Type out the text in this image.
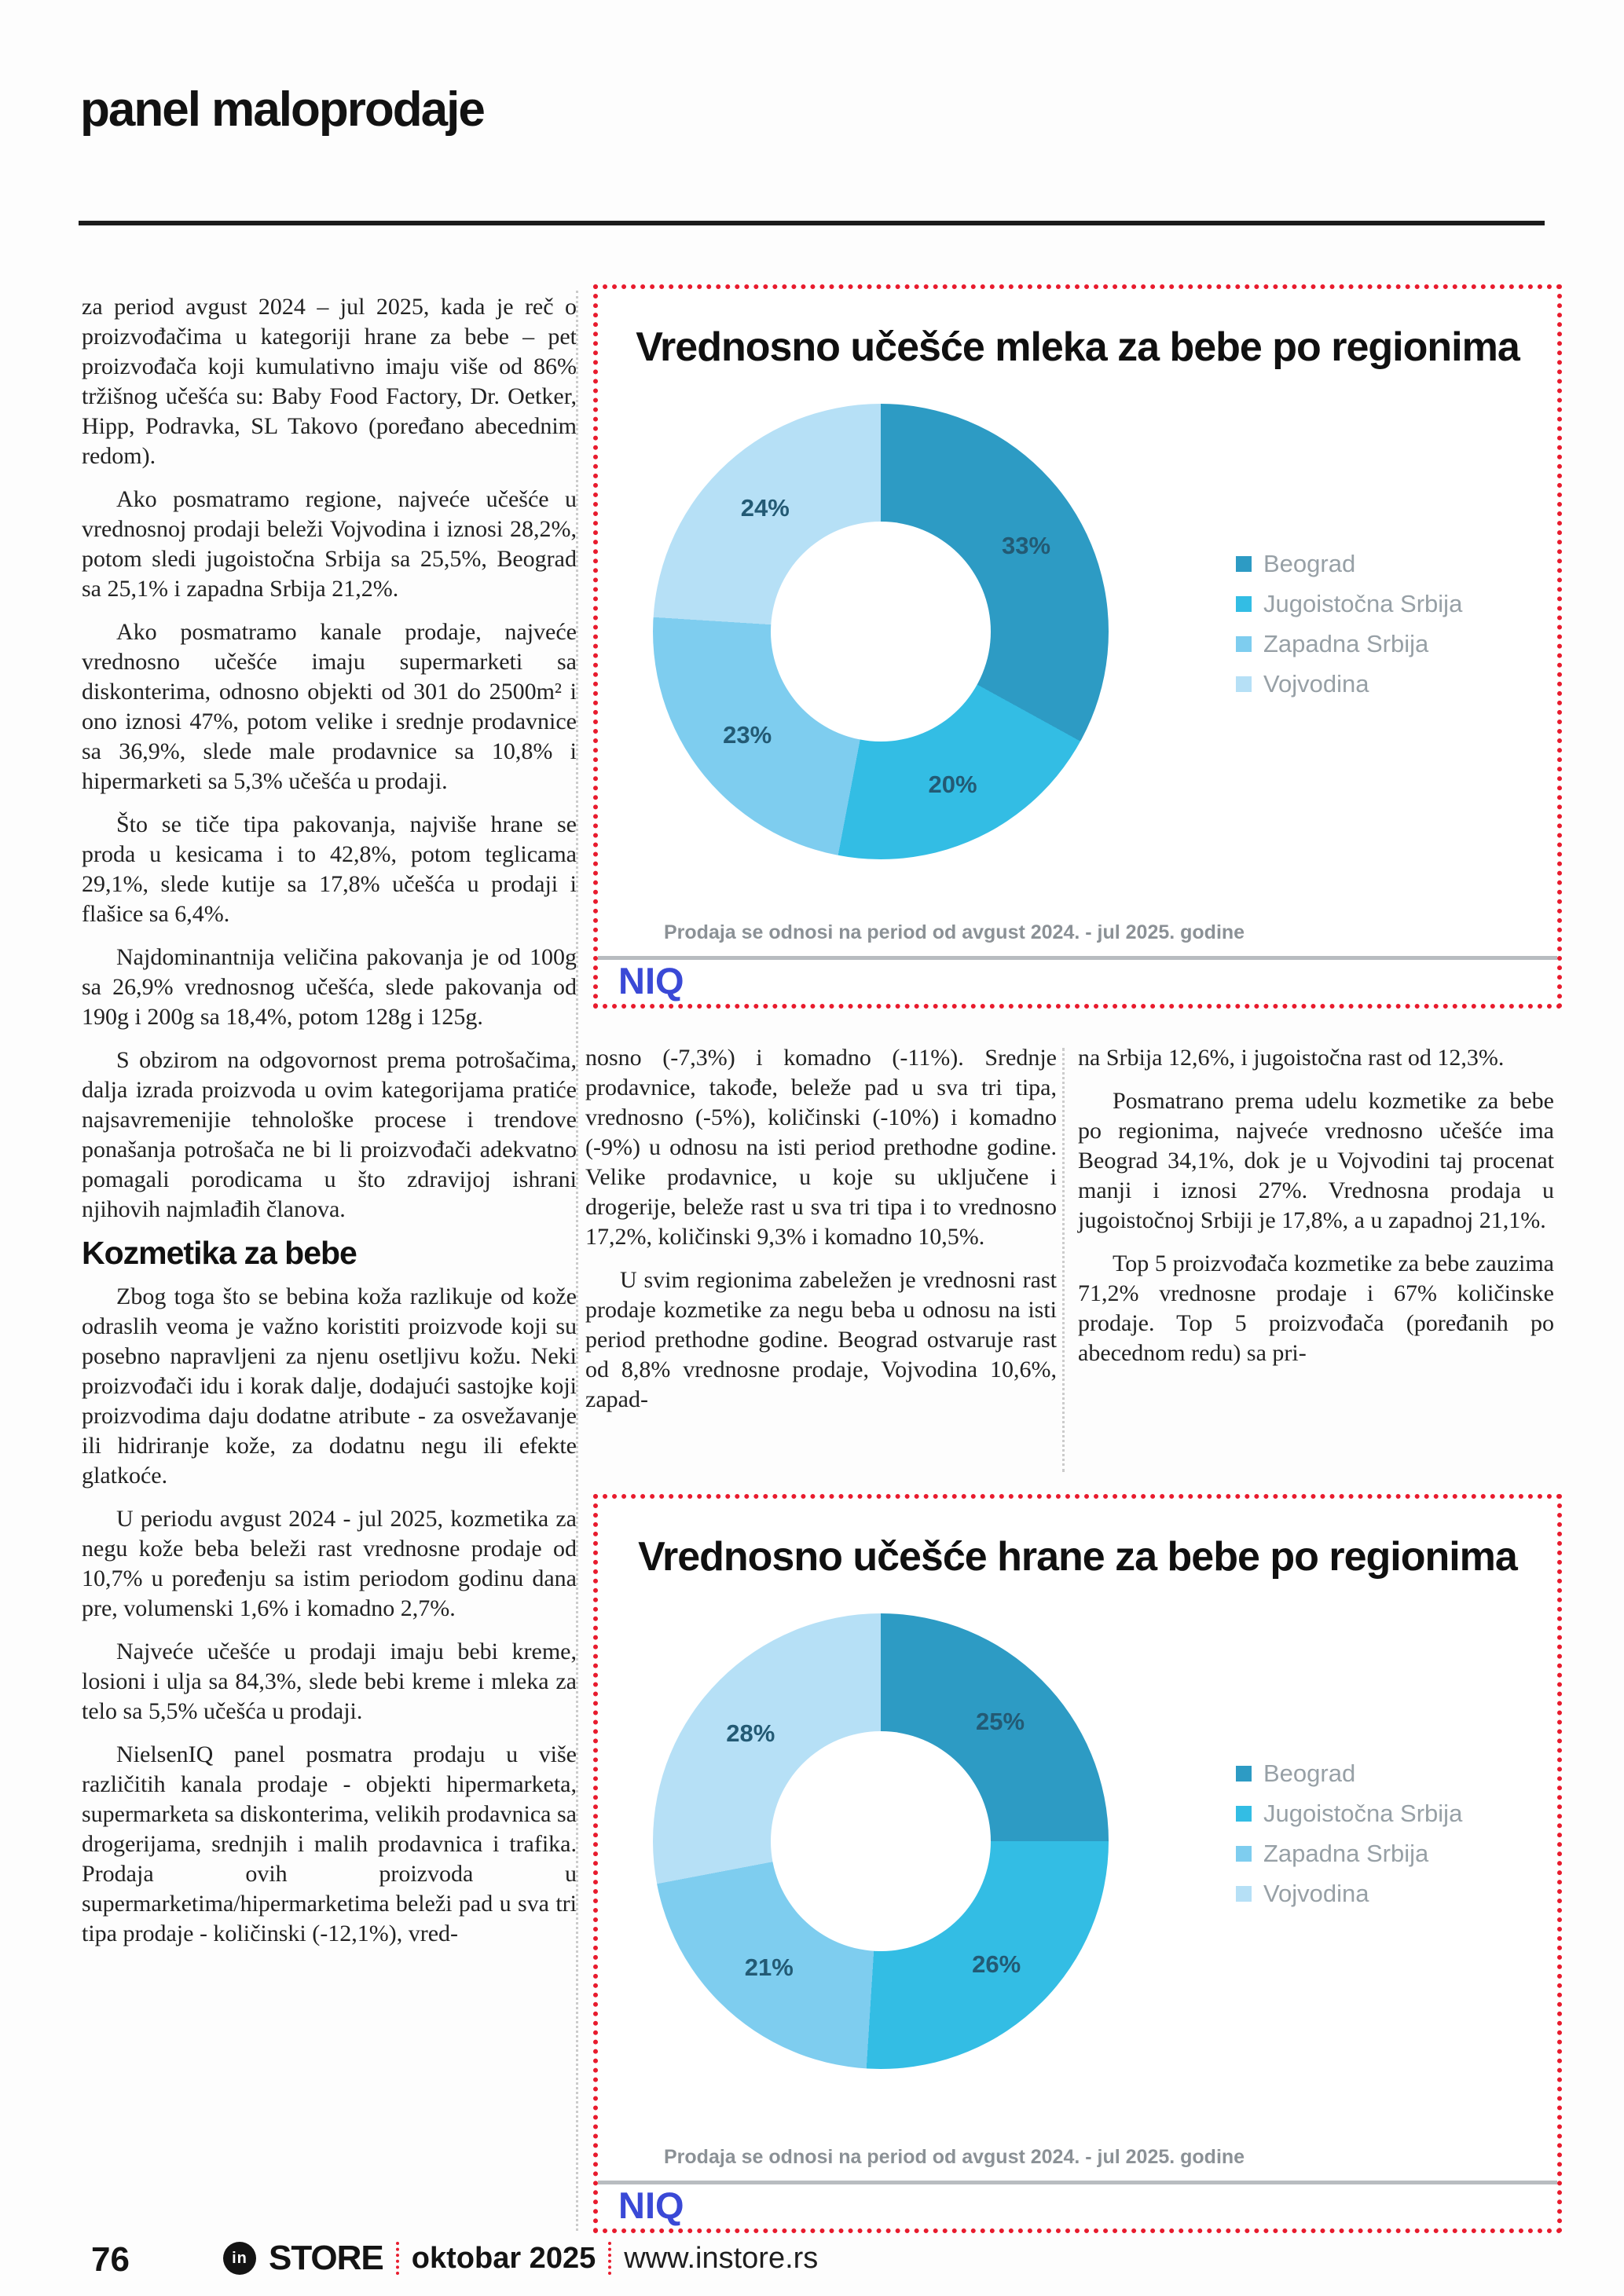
panel maloprodaje

za period avgust 2024 – jul 2025, kada je reč o proizvođačima u kategoriji hrane za bebe – pet proizvođača koji kumulativno imaju više od 86% tržišnog učešća su: Baby Food Factory, Dr. Oetker, Hipp, Podravka, SL Takovo (poređano abecednim redom).

Ako posmatramo regione, najveće učešće u vrednosnoj prodaji beleži Vojvodina i iznosi 28,2%, potom sledi jugoistočna Srbija sa 25,5%, Beograd sa 25,1% i zapadna Srbija 21,2%.

Ako posmatramo kanale prodaje, najveće vrednosno učešće imaju supermarketi sa diskonterima, odnosno objekti od 301 do 2500m² i ono iznosi 47%, potom velike i srednje prodavnice sa 36,9%, slede male prodavnice sa 10,8% i hipermarketi sa 5,3% učešća u prodaji.

Što se tiče tipa pakovanja, najviše hrane se proda u kesicama i to 42,8%, potom teglicama 29,1%, slede kutije sa 17,8% učešća u prodaji i flašice sa 6,4%.

Najdominantnija veličina pakovanja je od 100g sa 26,9% vrednosnog učešća, slede pakovanja od 190g i 200g sa 18,4%, potom 128g i 125g.

S obzirom na odgovornost prema potrošačima, dalja izrada proizvoda u ovim kategorijama pratiće najsavremenijie tehnološke procese i trendove ponašanja potrošača ne bi li proizvođači adekvatno pomagali porodicama u što zdravijoj ishrani njihovih najmlađih članova.

Kozmetika za bebe

Zbog toga što se bebina koža razlikuje od kože odraslih veoma je važno koristiti proizvode koji su posebno napravljeni za njenu osetljivu kožu. Neki proizvođači idu i korak dalje, dodajući sastojke koji proizvodima daju dodatne atribute - za osvežavanje ili hidriranje kože, za dodatnu negu ili efekte glatkoće.

U periodu avgust 2024 - jul 2025, kozmetika za negu kože beba beleži rast vrednosne prodaje od 10,7% u poređenju sa istim periodom godinu dana pre, volumenski 1,6% i komadno 2,7%.

Najveće učešće u prodaji imaju bebi kreme, losioni i ulja sa 84,3%, slede bebi kreme i mleka za telo sa 5,5% učešća u prodaji.

NielsenIQ panel posmatra prodaju u više različitih kanala prodaje - objekti hipermarketa, supermarketa sa diskonterima, velikih prodavnica sa drogerijama, srednjih i malih prodavnica i trafika. Prodaja ovih proizvoda u supermarketima/hipermarketima beleži pad u sva tri tipa prodaje - količinski (-12,1%), vred-

nosno (-7,3%) i komadno (-11%). Srednje prodavnice, takođe, beleže pad u sva tri tipa, vrednosno (-5%), količinski (-10%) i komadno (-9%) u odnosu na isti period prethodne godine. Velike prodavnice, u koje su uključene i drogerije, beleže rast u sva tri tipa i to vrednosno 17,2%, količinski 9,3% i komadno 10,5%.

U svim regionima zabeležen je vrednosni rast prodaje kozmetike za negu beba u odnosu na isti period prethodne godine. Beograd ostvaruje rast od 8,8% vrednosne prodaje, Vojvodina 10,6%, zapad-

na Srbija 12,6%, i jugoistočna rast od 12,3%.

Posmatrano prema udelu kozmetike za bebe po regionima, najveće vrednosno učešće ima Beograd 34,1%, dok je u Vojvodini taj procenat manji i iznosi 27%. Vrednosna prodaja u jugoistočnoj Srbiji je 17,8%, a u zapadnoj 21,1%.

Top 5 proizvođača kozmetike za bebe zauzima 71,2% vrednosne prodaje i 67% količinske prodaje. Top 5 proizvođača (poređanih po abecednom redu) sa pri-

Vrednosno učešće mleka za bebe po regionima
33%
20%
23%
24%
Beograd
Jugoistočna Srbija
Zapadna Srbija
Vojvodina
Prodaja se odnosi na period od avgust 2024. - jul 2025. godine
NIQ
Vrednosno učešće hrane za bebe po regionima
25%
26%
21%
28%
Beograd
Jugoistočna Srbija
Zapadna Srbija
Vojvodina
Prodaja se odnosi na period od avgust 2024. - jul 2025. godine
NIQ
76	in STORE oktobar 2025 www.instore.rs
